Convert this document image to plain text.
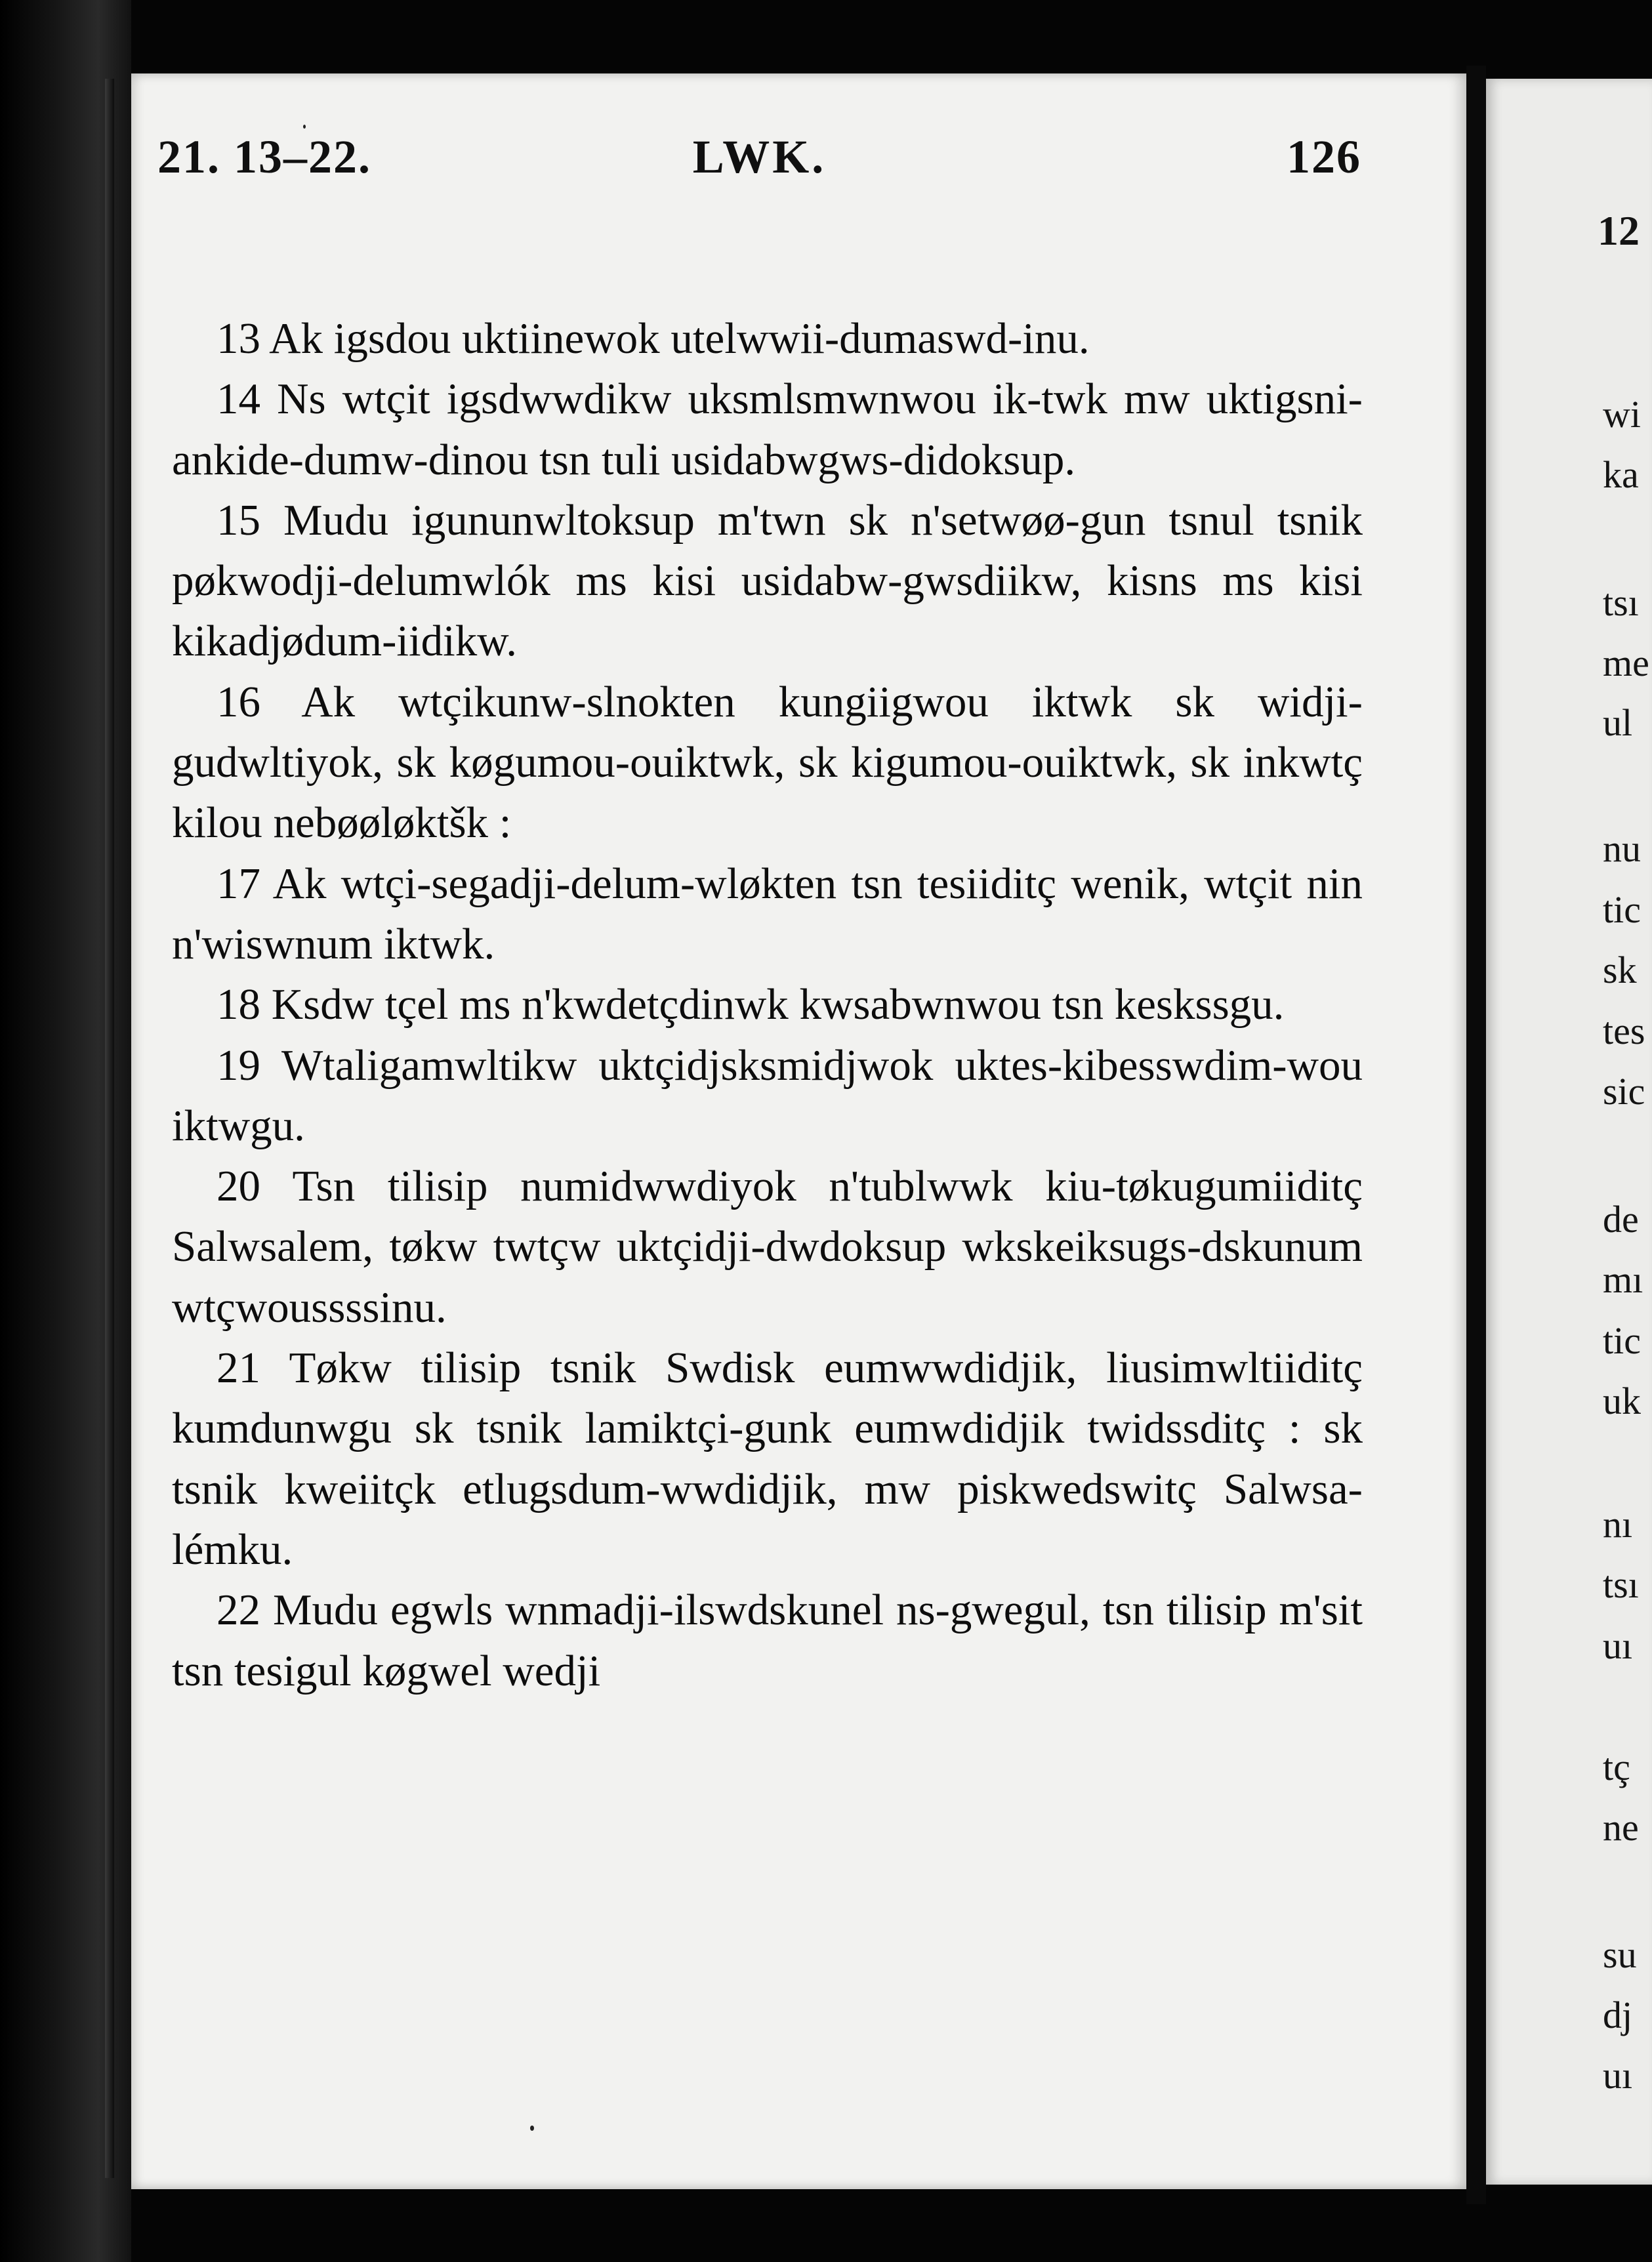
12
wi
ka
tsı
me
ul
nu
tic
sk
tes
sic
de
mı
tic
uk
nı
tsı
uı
tç
ne
su
dj
uı
21. 13–22.	LWK.	126

13 Ak igsdou uktiinewok utelwwii-dumaswd-inu.

14 Ns wtçit igsdwwdikw uksmlsmwnwou ik-twk mw uktigsni-ankide-dumw-dinou tsn tuli usidabwgws-didoksup.

15 Mudu igununwltoksup m'twn sk n'setwøø-gun tsnul tsnik pøkwodji-delumwlók ms kisi usidabw-gwsdiikw, kisns ms kisi kikadjødum-iidikw.

16 Ak wtçikunw-slnokten kungiigwou iktwk sk widji-gudwltiyok, sk køgumou-ouiktwk, sk kigumou-ouiktwk, sk inkwtç kilou nebøøløktšk :

17 Ak wtçi-segadji-delum-wløkten tsn tesiiditç wenik, wtçit nin n'wiswnum iktwk.

18 Ksdw tçel ms n'kwdetçdinwk kwsabwnwou tsn keskssgu.

19 Wtaligamwltikw uktçidjsksmidjwok uktes-kibesswdim-wou iktwgu.

20 Tsn tilisip numidwwdiyok n'tublwwk kiu-tøkugumiiditç Salwsalem, tøkw twtçw uktçidji-dwdoksup wkskeiksugs-dskunum wtçwoussssinu.

21 Tøkw tilisip tsnik Swdisk eumwwdidjik, liusimwltiiditç kumdunwgu sk tsnik lamiktçi-gunk eumwdidjik twidssditç : sk tsnik kweiitçk etlugsdum-wwdidjik, mw piskwedswitç Salwsa-lémku.

22 Mudu egwls wnmadji-ilswdskunel ns-gwegul, tsn tilisip m'sit tsn tesigul køgwel wedji
